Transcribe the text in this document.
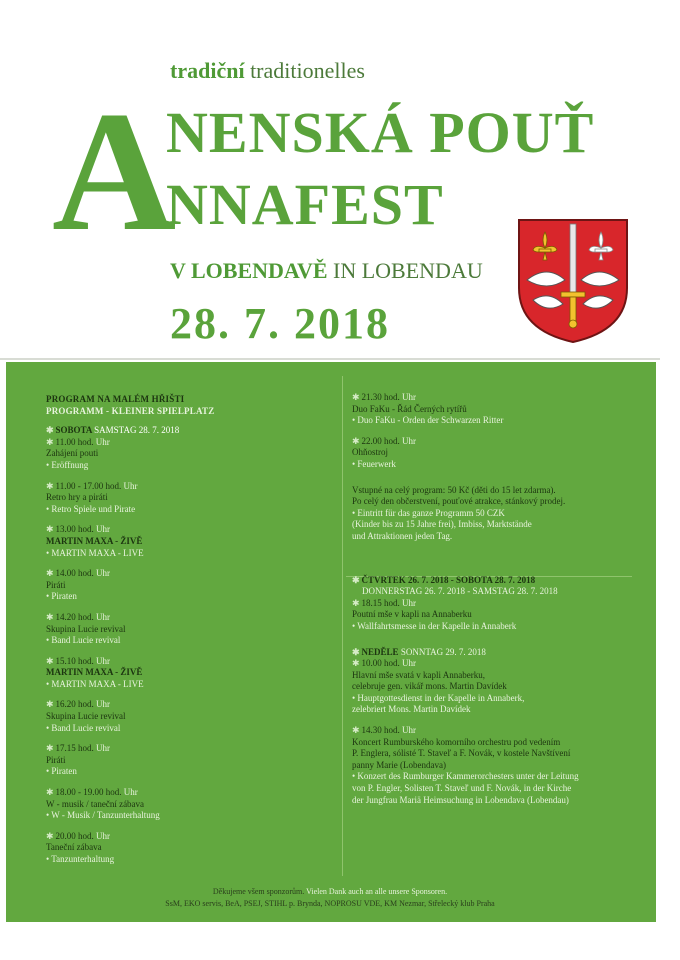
tradiční traditionelles
A
NENSKÁ POUŤ
NNAFEST
V LOBENDAVĚ IN LOBENDAU
28. 7. 2018
PROGRAM NA MALÉM HŘIŠTI
PROGRAMM - KLEINER SPIELPLATZ
✱ SOBOTA SAMSTAG 28. 7. 2018
✱ 11.00 hod. Uhr
Zahájení pouti
• Eröffnung
✱ 11.00 - 17.00 hod. Uhr
Retro hry a piráti
• Retro Spiele und Pirate
✱ 13.00 hod. Uhr
MARTIN MAXA - ŽIVĚ
• MARTIN MAXA - LIVE
✱ 14.00 hod. Uhr
Piráti
• Piraten
✱ 14.20 hod. Uhr
Skupina Lucie revival
• Band Lucie revival
✱ 15.10 hod. Uhr
MARTIN MAXA - ŽIVĚ
• MARTIN MAXA - LIVE
✱ 16.20 hod. Uhr
Skupina Lucie revival
• Band Lucie revival
✱ 17.15 hod. Uhr
Piráti
• Piraten
✱ 18.00 - 19.00 hod. Uhr
W - musik / taneční zábava
• W - Musik / Tanzunterhaltung
✱ 20.00 hod. Uhr
Taneční zábava
• Tanzunterhaltung
✱ 21.30 hod. Uhr
Duo FaKu - Řád Černých rytířů
• Duo FaKu - Orden der Schwarzen Ritter
✱ 22.00 hod. Uhr
Ohňostroj
• Feuerwerk
Vstupné na celý program: 50 Kč (děti do 15 let zdarma).
Po celý den občerstvení, pouťové atrakce, stánkový prodej.
• Eintritt für das ganze Programm 50 CZK
(Kinder bis zu 15 Jahre frei), Imbiss, Marktstände
und Attraktionen jeden Tag.
✱ ČTVRTEK 26. 7. 2018 - SOBOTA 28. 7. 2018
DONNERSTAG 26. 7. 2018 - SAMSTAG 28. 7. 2018
✱ 18.15 hod. Uhr
Poutní mše v kapli na Annaberku
• Wallfahrtsmesse in der Kapelle in Annaberk
✱ NEDĚLE SONNTAG 29. 7. 2018
✱ 10.00 hod. Uhr
Hlavní mše svatá v kapli Annaberku,
celebruje gen. vikář mons. Martin Davídek
• Hauptgottesdienst in der Kapelle in Annaberk,
zelebriert Mons. Martin Davídek
✱ 14.30 hod. Uhr
Koncert Rumburského komorního orchestru pod vedením
P. Englera, sólisté T. Staveľ a F. Novák, v kostele Navštívení
panny Marie (Lobendava)
• Konzert des Rumburger Kammerorchesters unter der Leitung
von P. Engler, Solisten T. Staveľ und F. Novák, in der Kirche
der Jungfrau Mariä Heimsuchung in Lobendava (Lobendau)
Děkujeme všem sponzorům. Vielen Dank auch an alle unsere Sponsoren.
SsM, EKO servis, BeA, PSEJ, STIHL p. Brynda, NOPROSU VDE, KM Nezmar, Střelecký klub Praha
